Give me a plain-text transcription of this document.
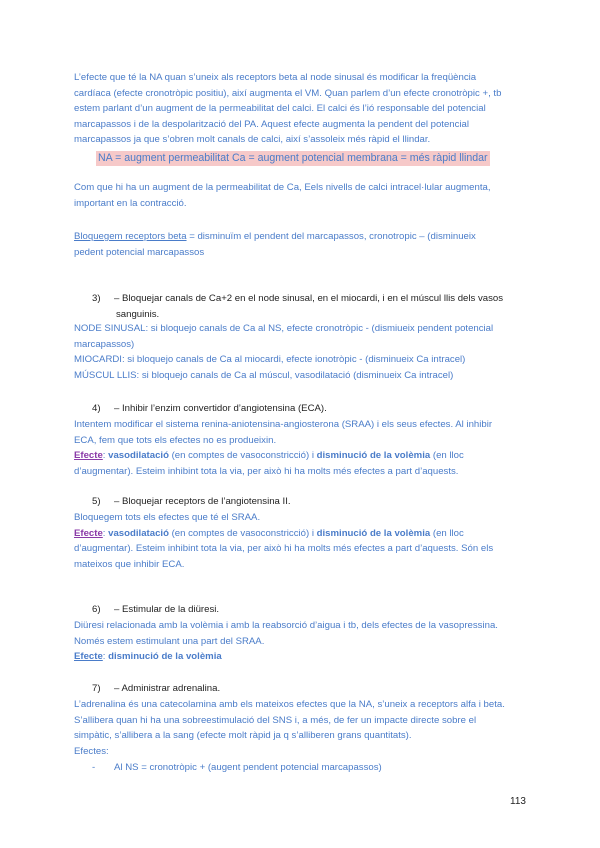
L’efecte que té la NA quan s’uneix als receptors beta al node sinusal és modificar la freqüència

cardíaca (efecte cronotròpic positiu), així augmenta el VM. Quan parlem d’un efecte cronotròpic +, tb

estem parlant d’un augment de la permeabilitat del calci. El calci és l’ió responsable del potencial

marcapassos i de la despolarització del PA. Aquest efecte augmenta la pendent del potencial

marcapassos ja que s’obren molt canals de calci, així s’assoleix més ràpid el llindar.

NA = augment permeabilitat Ca = augment potencial membrana = més ràpid llindar

Com que hi ha un augment de la permeabilitat de Ca, Eels nivells de calci intracel·lular augmenta,

important en la contracció.

Bloquegem receptors beta = disminuïm el pendent del marcapassos, cronotropic – (disminueix

pedent potencial marcapassos

3)	– Bloquejar canals de Ca+2 en el node sinusal, en el miocardi, i en el múscul llis dels vasos
sanguinis.

NODE SINUSAL: si bloquejo canals de Ca al NS, efecte cronotròpic - (dismiueix pendent potencial

marcapassos)

MIOCARDI: si bloquejo canals de Ca al miocardi, efecte ionotròpic - (disminueix Ca intracel)

MÚSCUL LLIS: si bloquejo canals de Ca al múscul, vasodilatació (disminueix Ca intracel)

4) – Inhibir l’enzim convertidor d’angiotensina (ECA).

Intentem modificar el sistema renina-aniotensina-angiosterona (SRAA) i els seus efectes. Al inhibir

ECA, fem que tots els efectes no es produeixin.

Efecte: vasodilatació (en comptes de vasoconstricció) i disminució de la volèmia (en lloc

d’augmentar). Esteim inhibint tota la via, per això hi ha molts més efectes a part d’aquests.

5) – Bloquejar receptors de l’angiotensina II.

Bloquegem tots els efectes que té el SRAA.

Efecte: vasodilatació (en comptes de vasoconstricció) i disminució de la volèmia (en lloc

d’augmentar). Esteim inhibint tota la via, per això hi ha molts més efectes a part d’aquests. Són els

mateixos que inhibir ECA.

6) – Estimular de la diüresi.

Diüresi relacionada amb la volèmia i amb la reabsorció d’aigua i tb, dels efectes de la vasopressina.

Només estem estimulant una part del SRAA.

Efecte: disminució de la volèmia

7) – Administrar adrenalina.

L’adrenalina és una catecolamina amb els mateixos efectes que la NA, s’uneix a receptors alfa i beta.

S’allibera quan hi ha una sobreestimulació del SNS i, a més, de fer un impacte directe sobre el

simpàtic, s’allibera a la sang (efecte molt ràpid ja q s’alliberen grans quantitats).

Efectes:

- Al NS = cronotròpic + (augent pendent potencial marcapassos)
113
